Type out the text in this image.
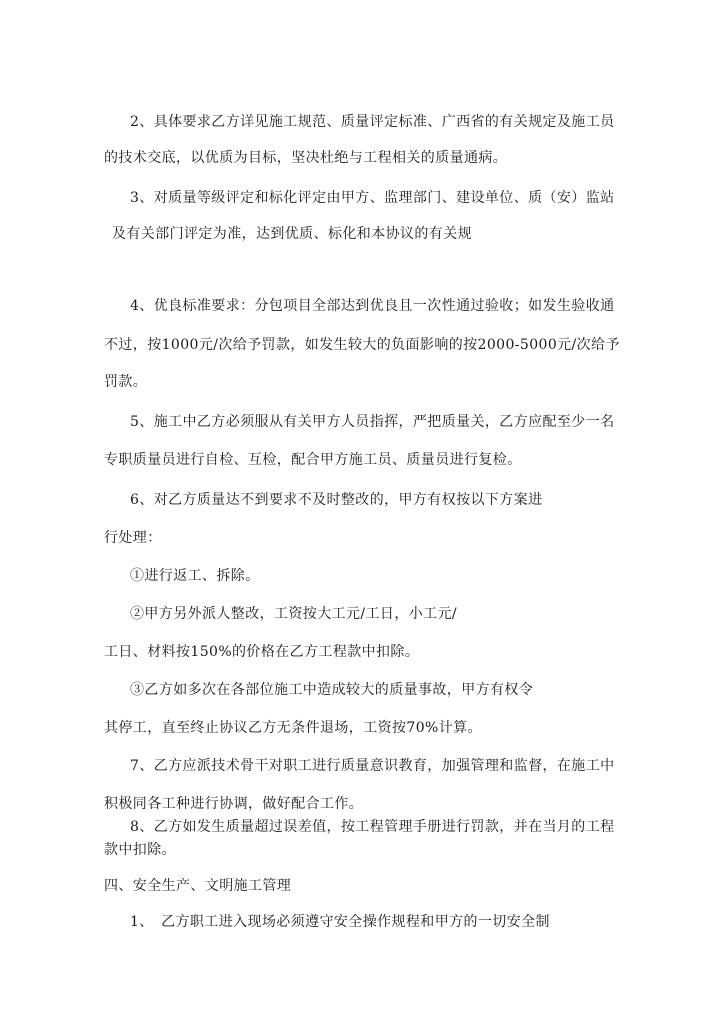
2、具体要求乙方详见施工规范、质量评定标准、广西省的有关规定及施工员
的技术交底，以优质为目标，坚决杜绝与工程相关的质量通病。
3、对质量等级评定和标化评定由甲方、监理部门、建设单位、质（安）监站
及有关部门评定为准，达到优质、标化和本协议的有关规
4、优良标准要求：分包项目全部达到优良且一次性通过验收；如发生验收通
不过，按1000元/次给予罚款，如发生较大的负面影响的按2000-5000元/次给予
罚款。
5、施工中乙方必须服从有关甲方人员指挥，严把质量关，乙方应配至少一名
专职质量员进行自检、互检，配合甲方施工员、质量员进行复检。
6、对乙方质量达不到要求不及时整改的，甲方有权按以下方案进
行处理：
①进行返工、拆除。
②甲方另外派人整改，工资按大工元/工日，小工元/
工日、材料按150%的价格在乙方工程款中扣除。
③乙方如多次在各部位施工中造成较大的质量事故，甲方有权令
其停工，直至终止协议乙方无条件退场，工资按70%计算。
7、乙方应派技术骨干对职工进行质量意识教育，加强管理和监督，在施工中
积极同各工种进行协调，做好配合工作。
8、乙方如发生质量超过误差值，按工程管理手册进行罚款，并在当月的工程
款中扣除。
四、安全生产、文明施工管理
1、　乙方职工进入现场必须遵守安全操作规程和甲方的一切安全制
